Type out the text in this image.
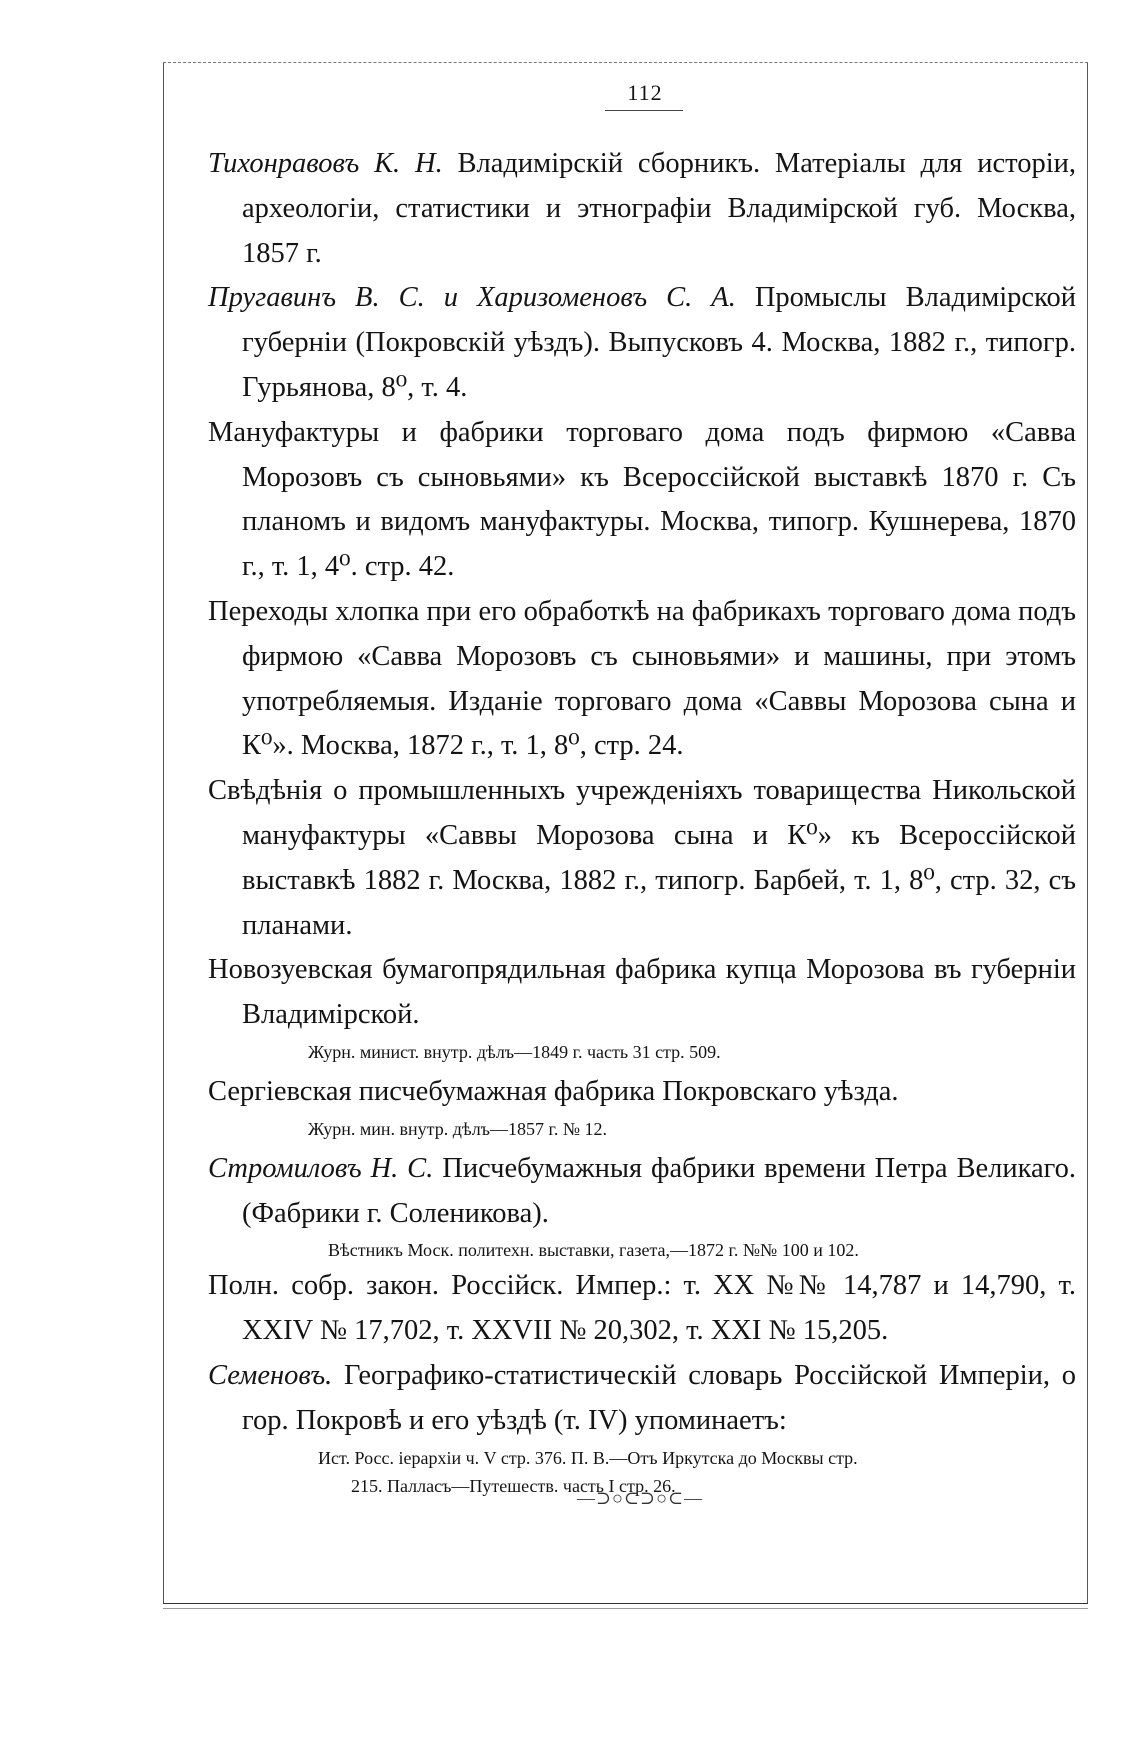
112

Тихонравовъ К. Н. Владимірскій сборникъ. Матеріалы для исторіи, археологіи, статистики и этнографіи Владимірской губ. Москва, 1857 г.

Пругавинъ В. С. и Харизоменовъ С. А. Промыслы Владимірской губерніи (Покровскій уѣздъ). Выпусковъ 4. Москва, 1882 г., типогр. Гурьянова, 8⁰, т. 4.

Мануфактуры и фабрики торговаго дома подъ фирмою «Савва Морозовъ съ сыновьями» къ Всероссійской выставкѣ 1870 г. Съ планомъ и видомъ мануфактуры. Москва, типогр. Кушнерева, 1870 г., т. 1, 4⁰. стр. 42.

Переходы хлопка при его обработкѣ на фабрикахъ торговаго дома подъ фирмою «Савва Морозовъ съ сыновьями» и машины, при этомъ употребляемыя. Изданіе торговаго дома «Саввы Морозова сына и К⁰». Москва, 1872 г., т. 1, 8⁰, стр. 24.

Свѣдѣнія о промышленныхъ учрежденіяхъ товарищества Никольской мануфактуры «Саввы Морозова сына и К⁰» къ Всероссійской выставкѣ 1882 г. Москва, 1882 г., типогр. Барбей, т. 1, 8⁰, стр. 32, съ планами.

Новозуевская бумагопрядильная фабрика купца Морозова въ губерніи Владимірской.

Журн. минист. внутр. дѣлъ—1849 г. часть 31 стр. 509.

Сергіевская писчебумажная фабрика Покровскаго уѣзда.

Журн. мин. внутр. дѣлъ—1857 г. № 12.

Стромиловъ Н. С. Писчебумажныя фабрики времени Петра Великаго. (Фабрики г. Соленикова).

Вѣстникъ Моск. политехн. выставки, газета,—1872 г. №№ 100 и 102.

Полн. собр. закон. Россійск. Импер.: т. XX №№ 14,787 и 14,790, т. XXIV № 17,702, т. XXVII № 20,302, т. XXI № 15,205.

Семеновъ. Географико-статистическій словарь Россійской Имперіи, о гор. Покровѣ и его уѣздѣ (т. IV) упоминаетъ:

Ист. Росс. іерархіи ч. V стр. 376. П. В.—Отъ Иркутска до Москвы стр.

215. Палласъ—Путешеств. часть I стр. 26.

—⊃○⊂⊃○⊂—
